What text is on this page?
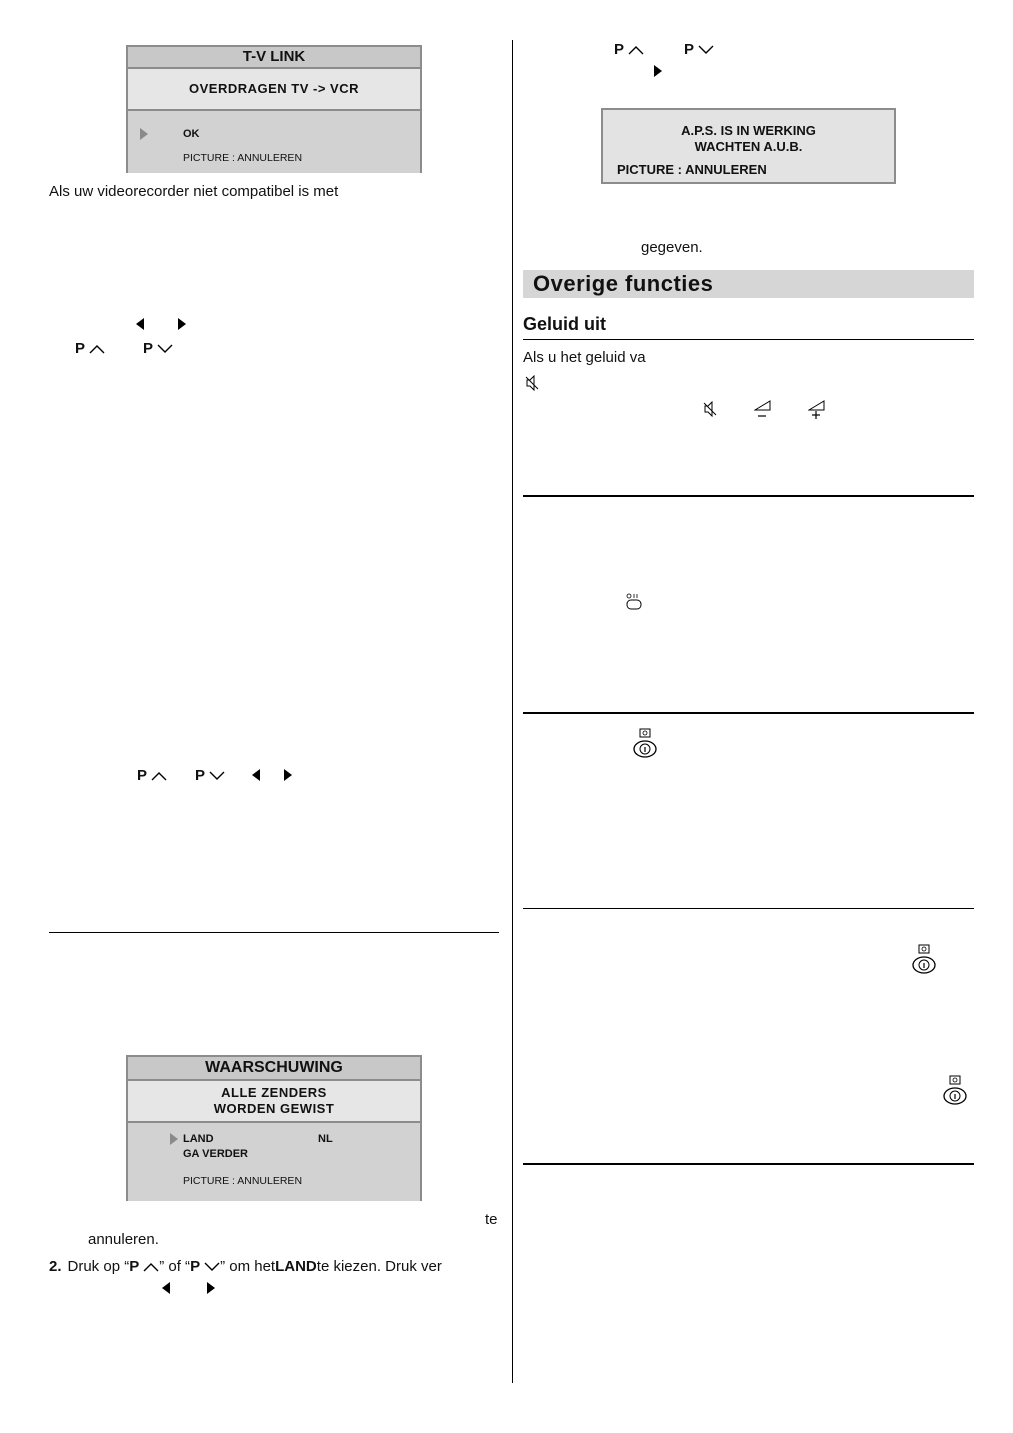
T-V LINK
OVERDRAGEN TV -> VCR
OK
PICTURE : ANNULEREN
Als uw videorecorder niet compatibel is met
P	P
P	P
WAARSCHUWING
ALLE ZENDERS
WORDEN GEWIST
LAND	NL
GA VERDER
PICTURE : ANNULEREN
te
annuleren.
2. Druk op “ P ” of “ P ” om het LAND te kiezen. Druk ver
P	P
A.P.S. IS IN WERKING
WACHTEN A.U.B.
PICTURE : ANNULEREN
gegeven.
Overige functies
Geluid uit
Als u het geluid va
